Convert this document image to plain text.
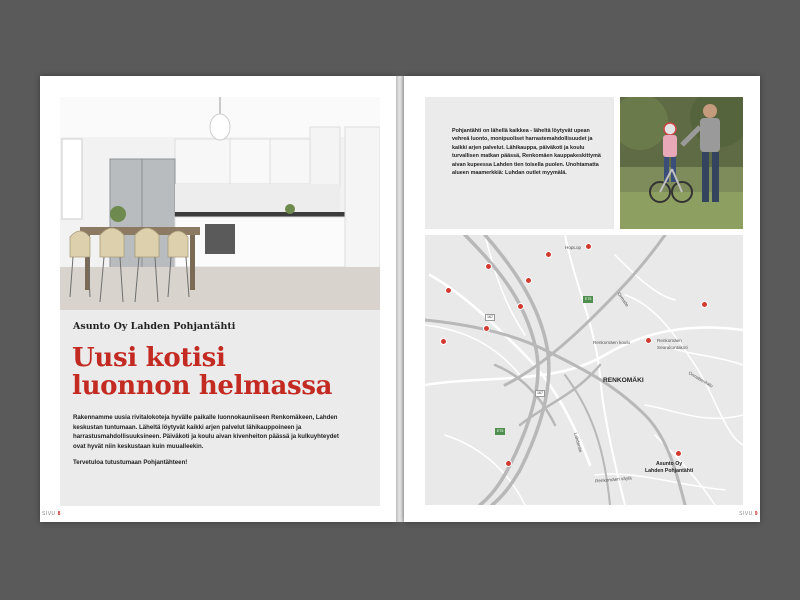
Asunto Oy Lahden Pohjantähti

Uusi kotisi
luonnon helmassa

Rakennamme uusia rivitalokoteja hyvälle paikalle luonnokauniiseen Renkomäkeen, Lahden keskustan tuntumaan. Läheltä löytyvät kaikki arjen palvelut lähikauppoineen ja harrastusmahdollisuuksineen. Päiväkoti ja koulu aivan kivenheiton päässä ja kulkuyhteydet ovat hyvät niin keskustaan kuin muualleekin.

Tervetuloa tutustumaan Pohjantähteen!

SIVU 8

Pohjantähti on lähellä kaikkea - läheltä löytyvät upean vehreä luonto, monipuoliset harrastemahdollisuudet ja kaikki arjen palvelut. Lähikauppa, päiväkoti ja koulu turvallisen matkan päässä, Renkomäen kauppakeskittymä aivan kupeessa Lahden tien toisella puolen. Unohtamatta alueen maamerkkiä: Luhdan outlet myymälä.

HopLop
Ormatie
Ormatienkatu
Renkomäen koulu	Renkomäen
Seurakuntakoti
RENKOMÄKI
Lahdentie
Renkomäen väylä
Asunto Oy
Lahden Pohjantähti
167
167
E75
E75
SIVU 9
